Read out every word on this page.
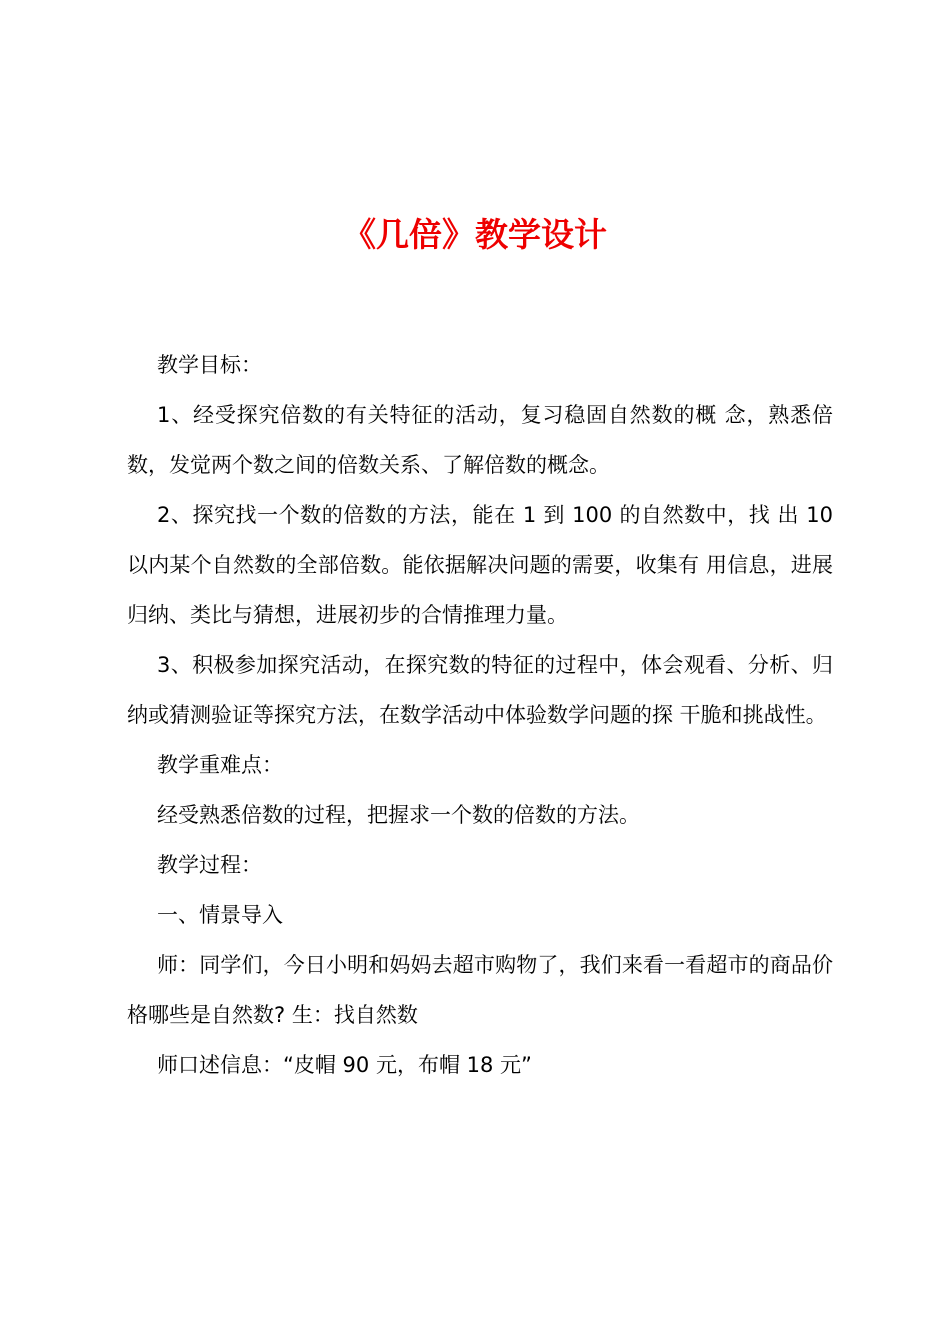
《几倍》教学设计

教学目标：

1、经受探究倍数的有关特征的活动，复习稳固自然数的概 念，熟悉倍数，发觉两个数之间的倍数关系、了解倍数的概念。

2、探究找一个数的倍数的方法，能在 1 到 100 的自然数中，找 出 10 以内某个自然数的全部倍数。能依据解决问题的需要，收集有 用信息，进展归纳、类比与猜想，进展初步的合情推理力量。

3、积极参加探究活动，在探究数的特征的过程中，体会观看、分析、归纳或猜测验证等探究方法，在数学活动中体验数学问题的探 干脆和挑战性。

教学重难点：

经受熟悉倍数的过程，把握求一个数的倍数的方法。

教学过程：

一、情景导入

师：同学们，今日小明和妈妈去超市购物了，我们来看一看超市的商品价格哪些是自然数? 生：找自然数

师口述信息：“皮帽 90 元，布帽 18 元”
